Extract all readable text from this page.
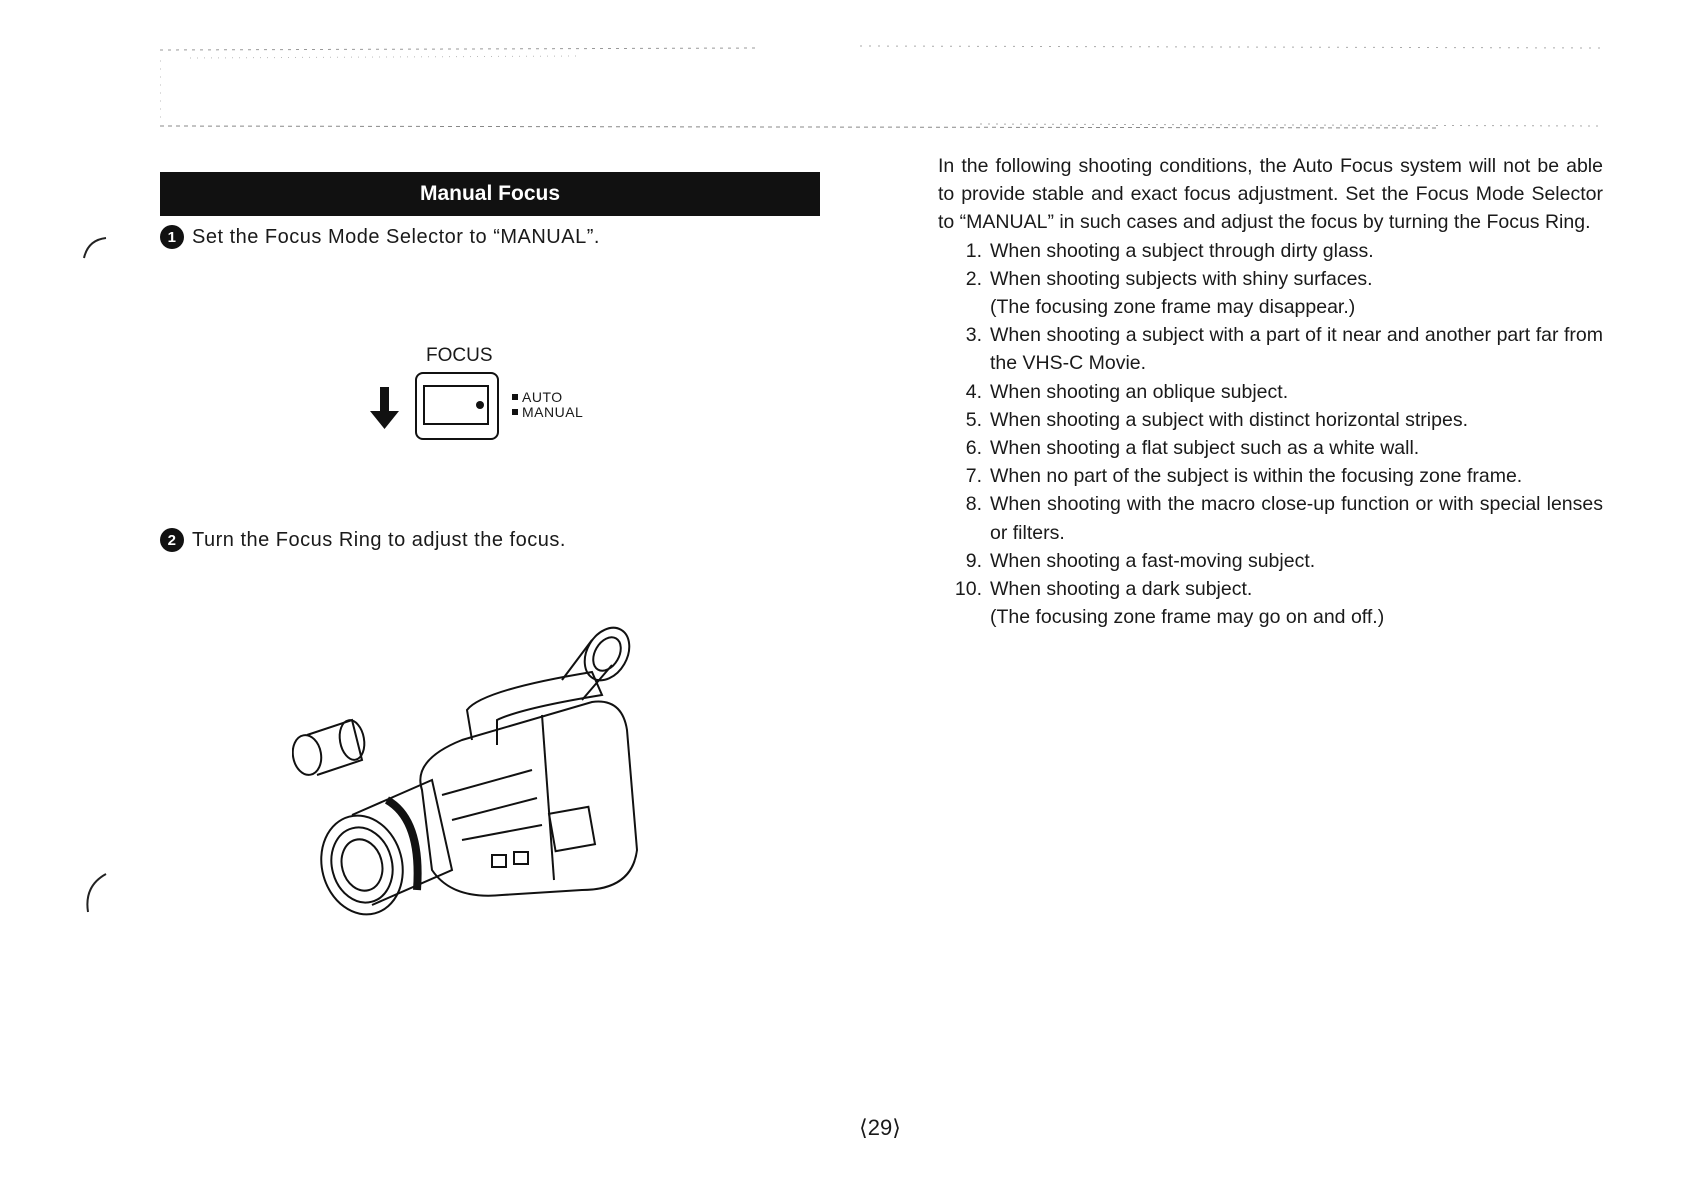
Manual Focus
1 Set the Focus Mode Selector to “MANUAL”.
FOCUS
AUTO
MANUAL
2 Turn the Focus Ring to adjust the focus.

In the following shooting conditions, the Auto Focus system will not be able to provide stable and exact focus adjustment. Set the Focus Mode Selector to “MANUAL” in such cases and adjust the focus by turning the Focus Ring.

1. When shooting a subject through dirty glass.
2. When shooting subjects with shiny surfaces.
(The focusing zone frame may disappear.)
3. When shooting a subject with a part of it near and another part far from the VHS-C Movie.
4. When shooting an oblique subject.
5. When shooting a subject with distinct horizontal stripes.
6. When shooting a flat subject such as a white wall.
7. When no part of the subject is within the focusing zone frame.
8. When shooting with the macro close-up function or with special lenses or filters.
9. When shooting a fast-moving subject.
10. When shooting a dark subject.
(The focusing zone frame may go on and off.)
⟨29⟩
